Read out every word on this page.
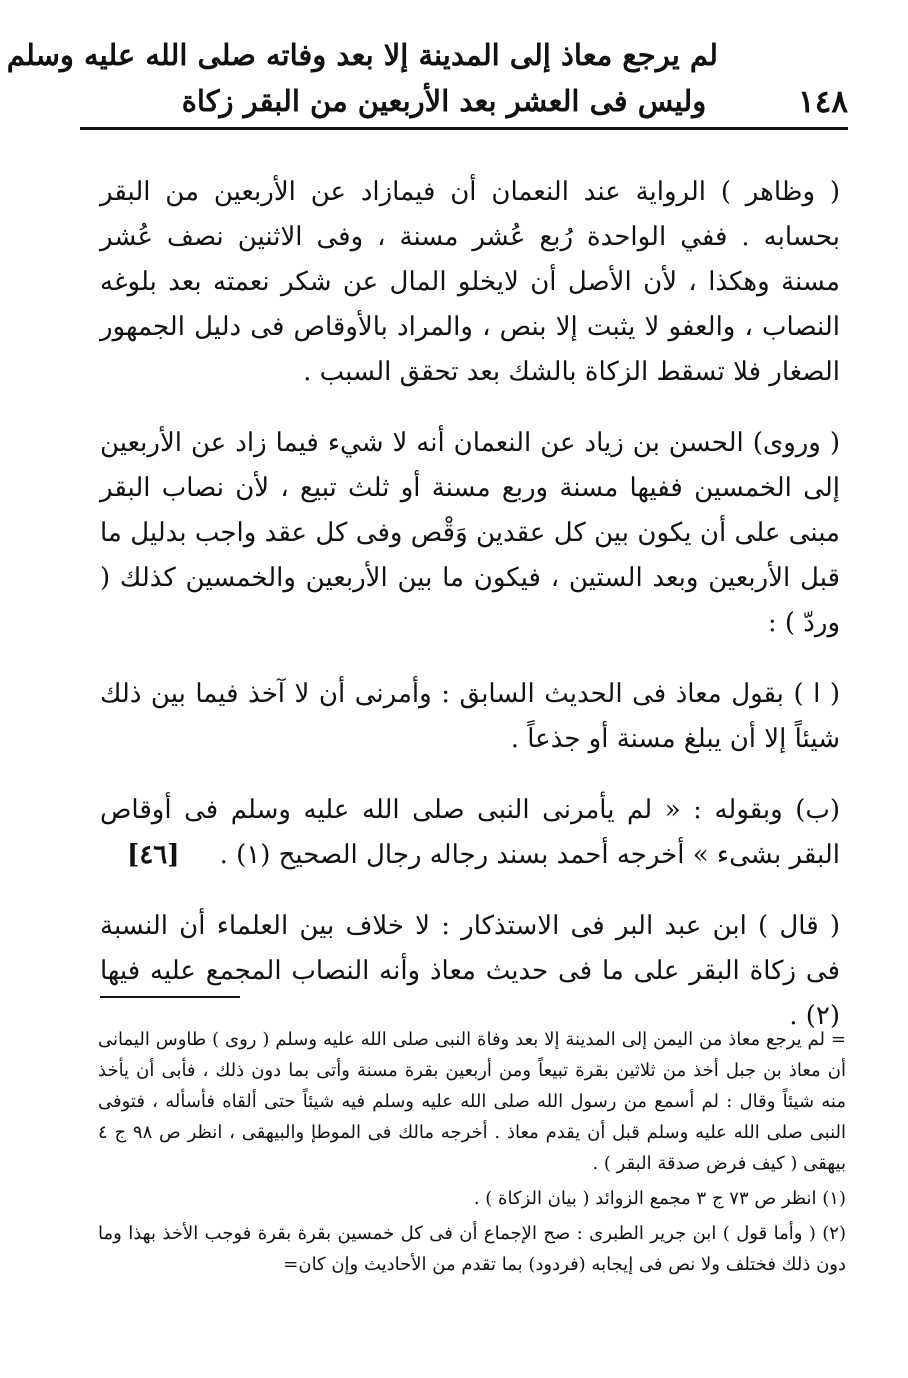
لم يرجع معاذ إلى المدينة إلا بعد وفاته صلى الله عليه وسلم
وليس فى العشر بعد الأربعين من البقر زكاة	١٤٨

( وظاهر ) الرواية عند النعمان أن فيمازاد عن الأربعين من البقر بحسابه . ففي الواحدة رُبع عُشر مسنة ، وفى الاثنين نصف عُشر مسنة وهكذا ، لأن الأصل أن لايخلو المال عن شكر نعمته بعد بلوغه النصاب ، والعفو لا يثبت إلا بنص ، والمراد بالأوقاص فى دليل الجمهور الصغار فلا تسقط الزكاة بالشك بعد تحقق السبب .

( وروى) الحسن بن زياد عن النعمان أنه لا شيء فيما زاد عن الأربعين إلى الخمسين ففيها مسنة وربع مسنة أو ثلث تبيع ، لأن نصاب البقر مبنى على أن يكون بين كل عقدين وَقْص وفى كل عقد واجب بدليل ما قبل الأربعين وبعد الستين ، فيكون ما بين الأربعين والخمسين كذلك ( وردّ ) :

( ا ) بقول معاذ فى الحديث السابق : وأمرنى أن لا آخذ فيما بين ذلك شيئاً إلا أن يبلغ مسنة أو جذعاً .

(ب) وبقوله : « لم يأمرنى النبى صلى الله عليه وسلم فى أوقاص البقر بشىء » أخرجه أحمد بسند رجاله رجال الصحيح (١) .[٤٦]

( قال ) ابن عبد البر فى الاستذكار : لا خلاف بين العلماء أن النسبة فى زكاة البقر على ما فى حديث معاذ وأنه النصاب المجمع عليه فيها (٢) .

= لم يرجع معاذ من اليمن إلى المدينة إلا بعد وفاة النبى صلى الله عليه وسلم ( روى ) طاوس اليمانى أن معاذ بن جبل أخذ من ثلاثين بقرة تبيعاً ومن أربعين بقرة مسنة وأتى بما دون ذلك ، فأبى أن يأخذ منه شيئاً وقال : لم أسمع من رسول الله صلى الله عليه وسلم فيه شيئاً حتى ألقاه فأسأله ، فتوفى النبى صلى الله عليه وسلم قبل أن يقدم معاذ . أخرجه مالك فى الموطإ والبيهقى ، انظر ص ٩٨ ج ٤ بيهقى ( كيف فرض صدقة البقر ) .

(١) انظر ص ٧٣ ج ٣ مجمع الزوائد ( بيان الزكاة ) .

(٢) ( وأما قول ) ابن جرير الطبرى : صح الإجماع أن فى كل خمسين بقرة بقرة فوجب الأخذ بهذا وما دون ذلك فختلف ولا نص فى إيجابه (فردود) بما تقدم من الأحاديث وإن كان=
